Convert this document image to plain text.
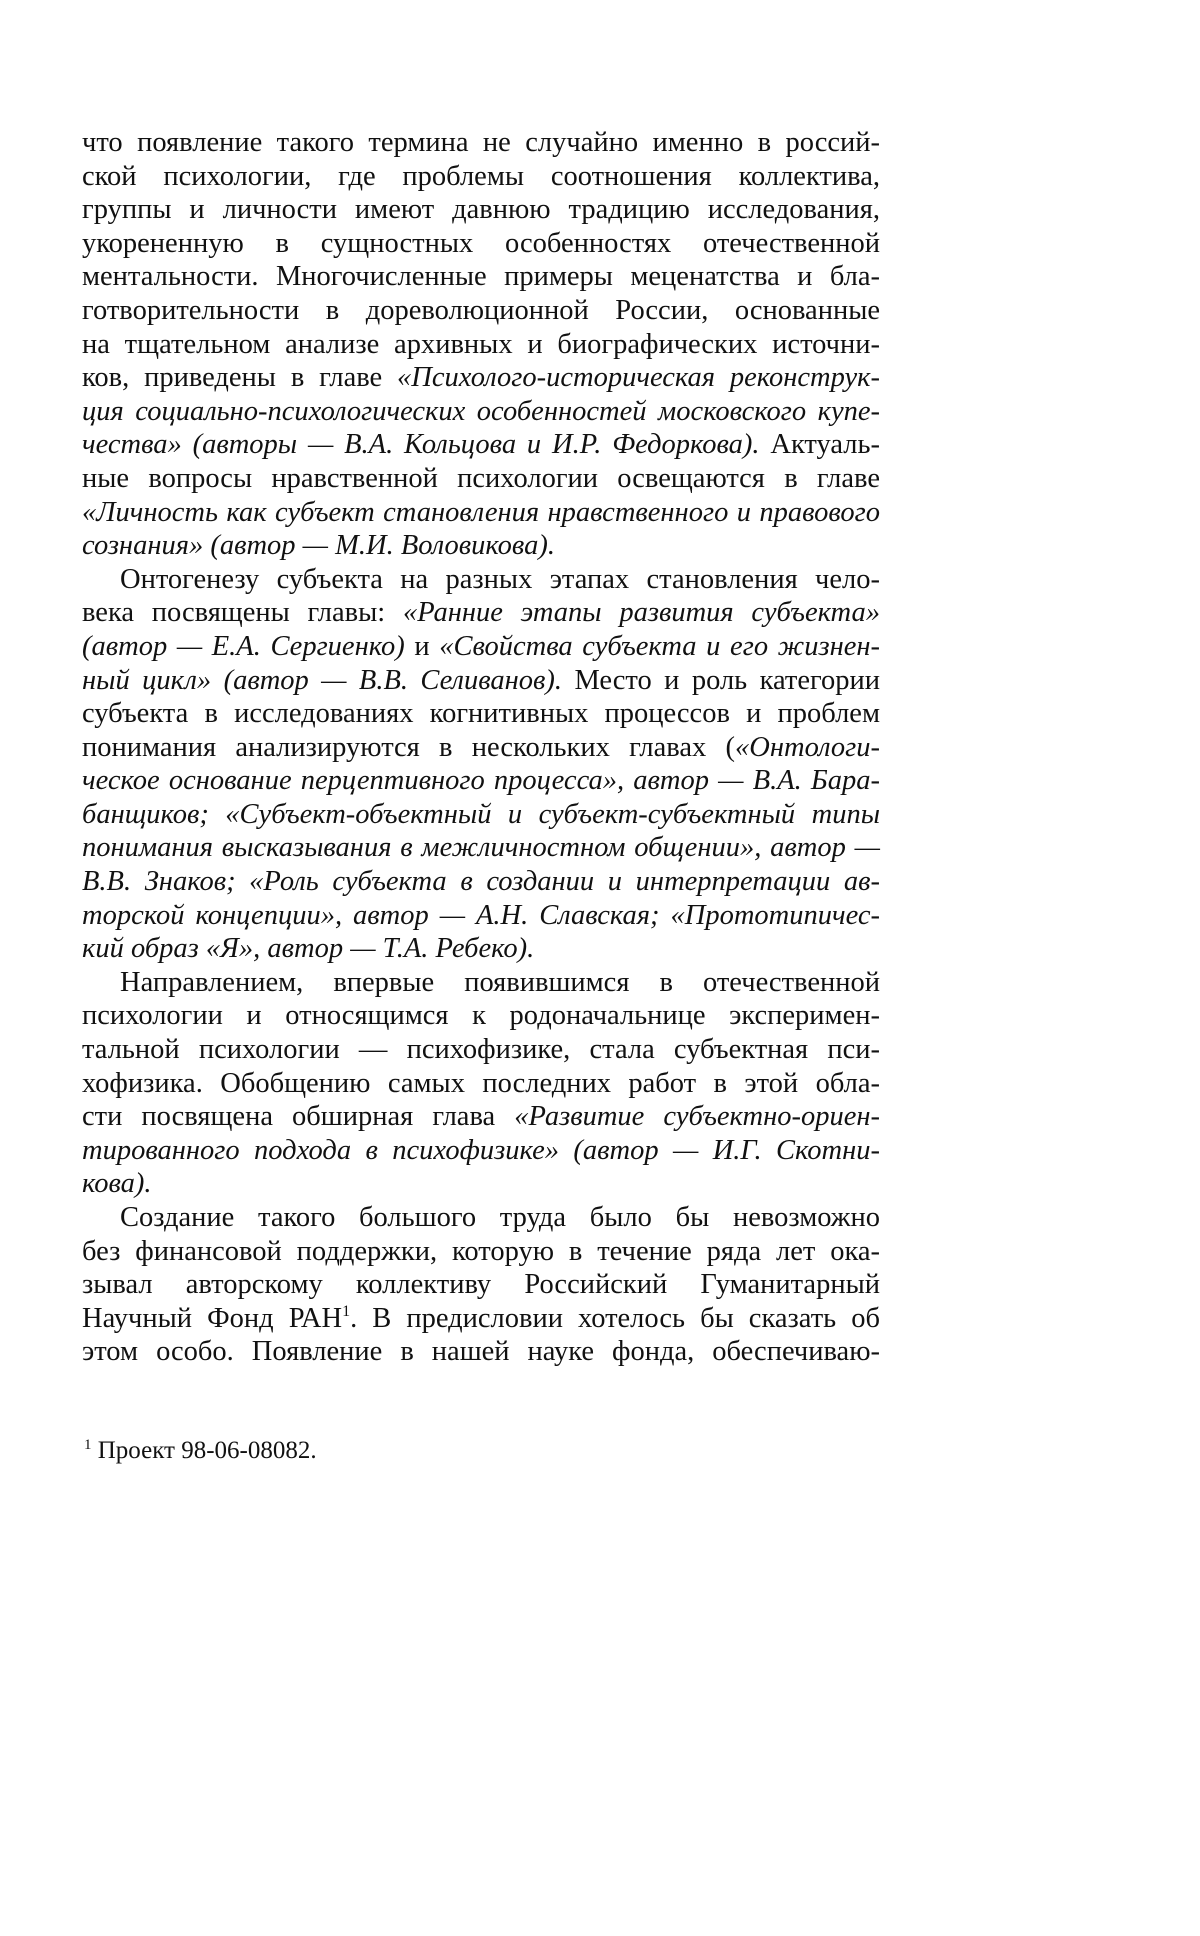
что появление такого термина не случайно именно в россий-
ской психологии, где проблемы соотношения коллектива,
группы и личности имеют давнюю традицию исследования,
укорененную в сущностных особенностях отечественной
ментальности. Многочисленные примеры меценатства и бла-
готворительности в дореволюционной России, основанные
на тщательном анализе архивных и биографических источни-
ков, приведены в главе «Психолого-историческая реконструк-
ция социально-психологических особенностей московского купе-
чества» (авторы — В.А. Кольцова и И.Р. Федоркова). Актуаль-
ные вопросы нравственной психологии освещаются в главе
«Личность как субъект становления нравственного и правового
сознания» (автор — М.И. Воловикова).
Онтогенезу субъекта на разных этапах становления чело-
века посвящены главы: «Ранние этапы развития субъекта»
(автор — Е.А. Сергиенко) и «Свойства субъекта и его жизнен-
ный цикл» (автор — В.В. Селиванов). Место и роль категории
субъекта в исследованиях когнитивных процессов и проблем
понимания анализируются в нескольких главах («Онтологи-
ческое основание перцептивного процесса», автор — В.А. Бара-
банщиков; «Субъект-объектный и субъект-субъектный типы
понимания высказывания в межличностном общении», автор —
В.В. Знаков; «Роль субъекта в создании и интерпретации ав-
торской концепции», автор — А.Н. Славская; «Прототипичес-
кий образ «Я», автор — Т.А. Ребеко).
Направлением, впервые появившимся в отечественной
психологии и относящимся к родоначальнице эксперимен-
тальной психологии — психофизике, стала субъектная пси-
хофизика. Обобщению самых последних работ в этой обла-
сти посвящена обширная глава «Развитие субъектно-ориен-
тированного подхода в психофизике» (автор — И.Г. Скотни-
кова).
Создание такого большого труда было бы невозможно
без финансовой поддержки, которую в течение ряда лет ока-
зывал авторскому коллективу Российский Гуманитарный
Научный Фонд РАН$^1$. В предисловии хотелось бы сказать об
этом особо. Появление в нашей науке фонда, обеспечиваю-
$^1$ Проект 98-06-08082.
